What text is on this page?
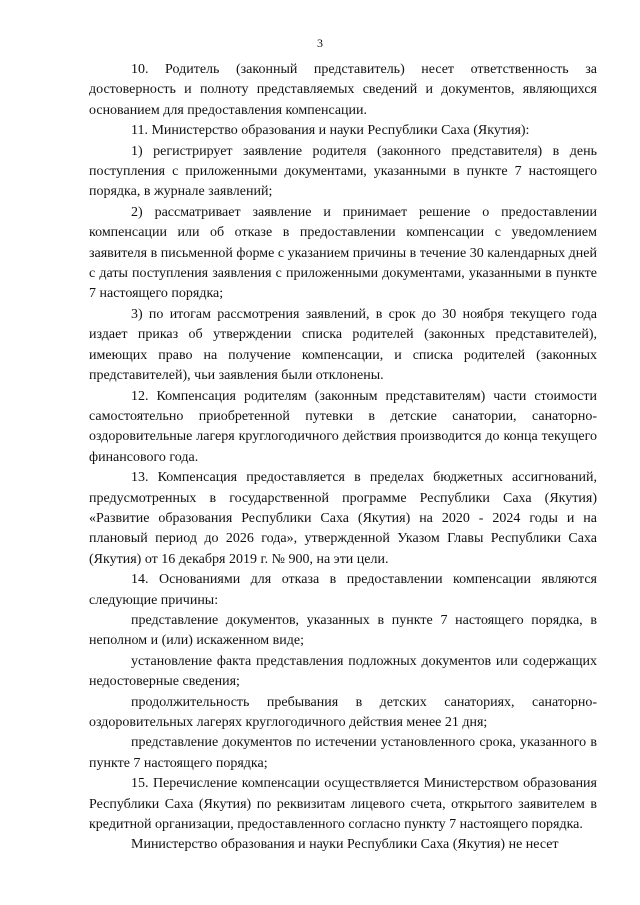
3

10. Родитель (законный представитель) несет ответственность за достоверность и полноту представляемых сведений и документов, являющихся основанием для предоставления компенсации.

11. Министерство образования и науки Республики Саха (Якутия):

1) регистрирует заявление родителя (законного представителя) в день поступления с приложенными документами, указанными в пункте 7 настоящего порядка, в журнале заявлений;

2) рассматривает заявление и принимает решение о предоставлении компенсации или об отказе в предоставлении компенсации с уведомлением заявителя в письменной форме с указанием причины в течение 30 календарных дней с даты поступления заявления с приложенными документами, указанными в пункте 7 настоящего порядка;

3) по итогам рассмотрения заявлений, в срок до 30 ноября текущего года издает приказ об утверждении списка родителей (законных представителей), имеющих право на получение компенсации, и списка родителей (законных представителей), чьи заявления были отклонены.

12. Компенсация родителям (законным представителям) части стоимости самостоятельно приобретенной путевки в детские санатории, санаторно-оздоровительные лагеря круглогодичного действия производится до конца текущего финансового года.

13. Компенсация предоставляется в пределах бюджетных ассигнований, предусмотренных в государственной программе Республики Саха (Якутия) «Развитие образования Республики Саха (Якутия) на 2020 - 2024 годы и на плановый период до 2026 года», утвержденной Указом Главы Республики Саха (Якутия) от 16 декабря 2019 г. № 900, на эти цели.

14. Основаниями для отказа в предоставлении компенсации являются следующие причины:

представление документов, указанных в пункте 7 настоящего порядка, в неполном и (или) искаженном виде;

установление факта представления подложных документов или содержащих недостоверные сведения;

продолжительность пребывания в детских санаториях, санаторно-оздоровительных лагерях круглогодичного действия менее 21 дня;

представление документов по истечении установленного срока, указанного в пункте 7 настоящего порядка;

15. Перечисление компенсации осуществляется Министерством образования Республики Саха (Якутия) по реквизитам лицевого счета, открытого заявителем в кредитной организации, предоставленного согласно пункту 7 настоящего порядка.

Министерство образования и науки Республики Саха (Якутия) не несет
